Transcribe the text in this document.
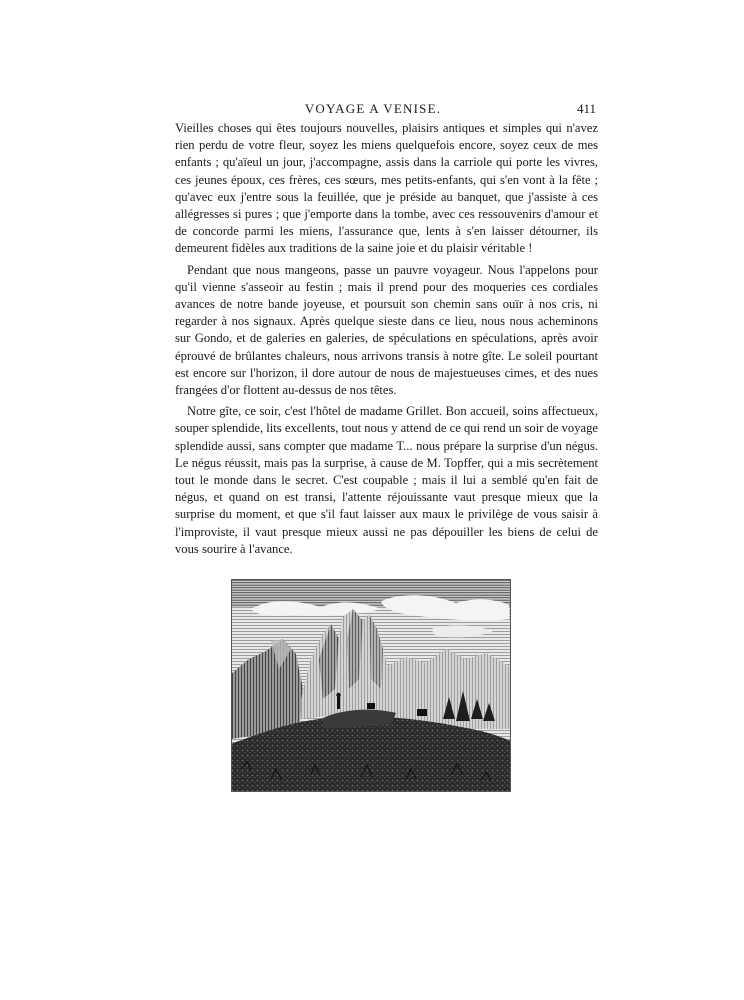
VOYAGE A VENISE.	411

Vieilles choses qui êtes toujours nouvelles, plaisirs antiques et simples qui n'avez rien perdu de votre fleur, soyez les miens quelquefois encore, soyez ceux de mes enfants ; qu'aïeul un jour, j'accompagne, assis dans la carriole qui porte les vivres, ces jeunes époux, ces frères, ces sœurs, mes petits-enfants, qui s'en vont à la fête ; qu'avec eux j'entre sous la feuillée, que je préside au banquet, que j'assiste à ces allégresses si pures ; que j'emporte dans la tombe, avec ces ressouvenirs d'amour et de concorde parmi les miens, l'assurance que, lents à s'en laisser détourner, ils demeurent fidèles aux traditions de la saine joie et du plaisir véritable !

Pendant que nous mangeons, passe un pauvre voyageur. Nous l'appelons pour qu'il vienne s'asseoir au festin ; mais il prend pour des moqueries ces cordiales avances de notre bande joyeuse, et poursuit son chemin sans ouïr à nos cris, ni regarder à nos signaux. Après quelque sieste dans ce lieu, nous nous acheminons sur Gondo, et de galeries en galeries, de spéculations en spéculations, après avoir éprouvé de brûlantes chaleurs, nous arrivons transis à notre gîte. Le soleil pourtant est encore sur l'horizon, il dore autour de nous de majestueuses cimes, et des nues frangées d'or flottent au-dessus de nos têtes.

Notre gîte, ce soir, c'est l'hôtel de madame Grillet. Bon accueil, soins affectueux, souper splendide, lits excellents, tout nous y attend de ce qui rend un soir de voyage splendide aussi, sans compter que madame T... nous prépare la surprise d'un négus. Le négus réussit, mais pas la surprise, à cause de M. Topffer, qui a mis secrètement tout le monde dans le secret. C'est coupable ; mais il lui a semblé qu'en fait de négus, et quand on est transi, l'attente réjouissante vaut presque mieux que la surprise du moment, et que s'il faut laisser aux maux le privilège de vous saisir à l'improviste, il vaut presque mieux aussi ne pas dépouiller les biens de celui de vous sourire à l'avance.
